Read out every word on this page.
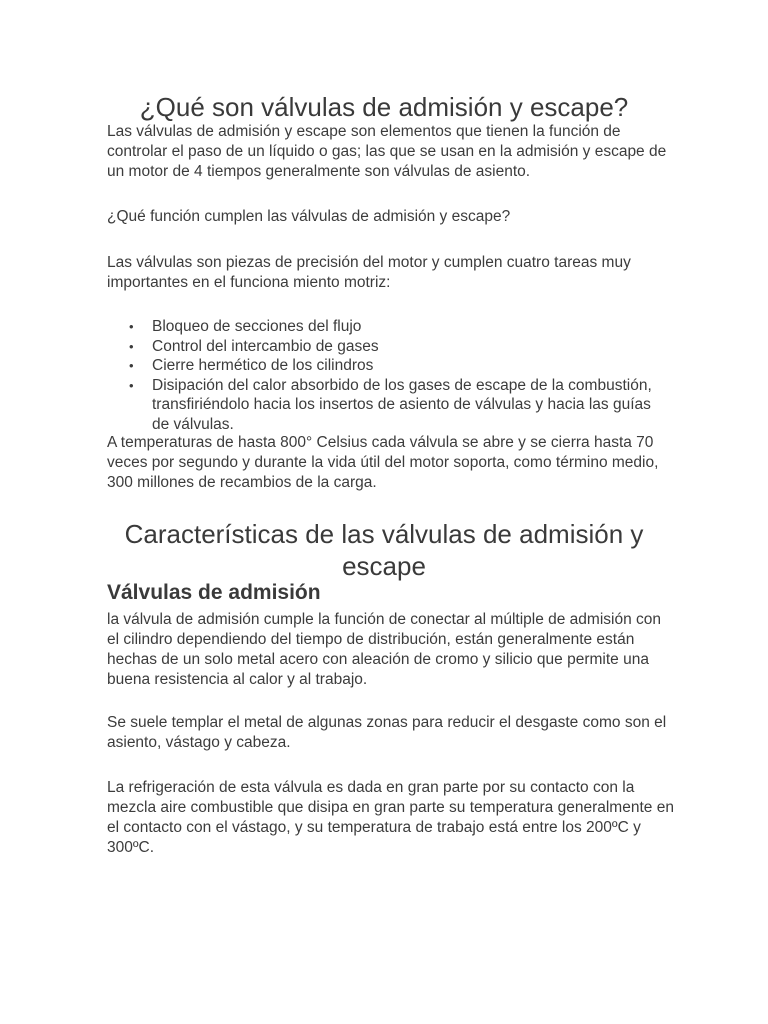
¿Qué son válvulas de admisión y escape?

Las válvulas de admisión y escape son elementos que tienen la función de controlar el paso de un líquido o gas; las que se usan en la admisión y escape de un motor de 4 tiempos generalmente son válvulas de asiento.

¿Qué función cumplen las válvulas de admisión y escape?

Las válvulas son piezas de precisión del motor y cumplen cuatro tareas muy importantes en el funciona miento motriz:

• Bloqueo de secciones del flujo
• Control del intercambio de gases
• Cierre hermético de los cilindros
• Disipación del calor absorbido de los gases de escape de la combustión, transfiriéndolo hacia los insertos de asiento de válvulas y hacia las guías de válvulas.

A temperaturas de hasta 800° Celsius cada válvula se abre y se cierra hasta 70 veces por segundo y durante la vida útil del motor soporta, como término medio, 300 millones de recambios de la carga.

Características de las válvulas de admisión y escape
Válvulas de admisión

la válvula de admisión cumple la función de conectar al múltiple de admisión con el cilindro dependiendo del tiempo de distribución, están generalmente están hechas de un solo metal acero con aleación de cromo y silicio que permite una buena resistencia al calor y al trabajo.

Se suele templar el metal de algunas zonas para reducir el desgaste como son el asiento, vástago y cabeza.

La refrigeración de esta válvula es dada en gran parte por su contacto con la mezcla aire combustible que disipa en gran parte su temperatura generalmente en el contacto con el vástago, y su temperatura de trabajo está entre los 200ºC y 300ºC.
